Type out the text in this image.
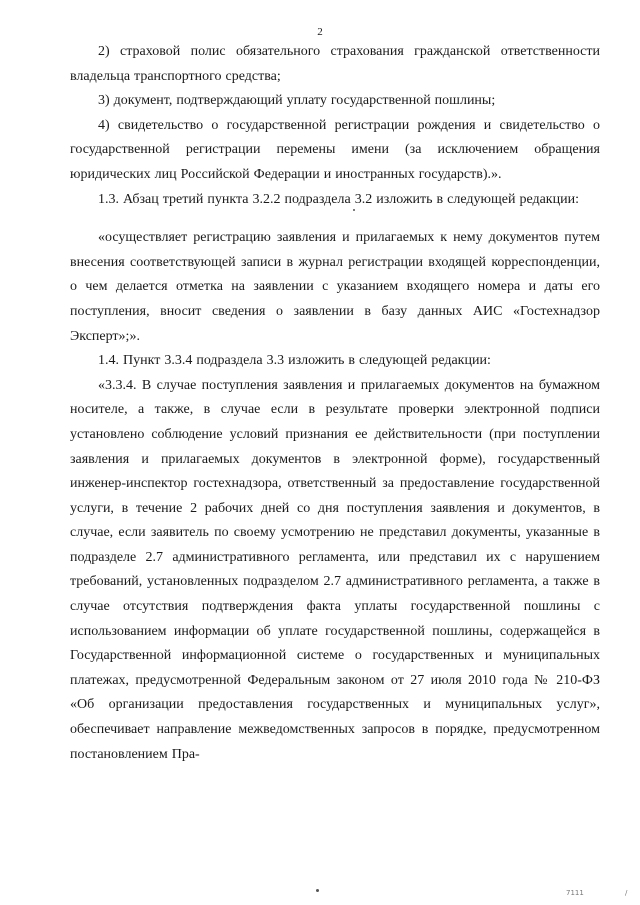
2

2) страховой полис обязательного страхования гражданской ответственности владельца транспортного средства;

3) документ, подтверждающий уплату государственной пошлины;

4) свидетельство о государственной регистрации рождения и свидетельство о государственной регистрации перемены имени (за исключением обращения юридических лиц Российской Федерации и иностранных государств).».

1.3. Абзац третий пункта 3.2.2 подраздела 3.2 изложить в следующей редакции:

«осуществляет регистрацию заявления и прилагаемых к нему документов путем внесения соответствующей записи в журнал регистрации входящей корреспонденции, о чем делается отметка на заявлении с указанием входящего номера и даты его поступления, вносит сведения о заявлении в базу данных АИС «Гостехнадзор Эксперт»;».

1.4. Пункт 3.3.4 подраздела 3.3 изложить в следующей редакции:

«3.3.4. В случае поступления заявления и прилагаемых документов на бумажном носителе, а также, в случае если в результате проверки электронной подписи установлено соблюдение условий признания ее действительности (при поступлении заявления и прилагаемых документов в электронной форме), государственный инженер-инспектор гостехнадзора, ответственный за предоставление государственной услуги, в течение 2 рабочих дней со дня поступления заявления и документов, в случае, если заявитель по своему усмотрению не представил документы, указанные в подразделе 2.7 административного регламента, или представил их с нарушением требований, установленных подразделом 2.7 административного регламента, а также в случае отсутствия подтверждения факта уплаты государственной пошлины с использованием информации об уплате государственной пошлины, содержащейся в Государственной информационной системе о государственных и муниципальных платежах, предусмотренной Федеральным законом от 27 июля 2010 года № 210-ФЗ «Об организации предоставления государственных и муниципальных услуг», обеспечивает направление межведомственных запросов в порядке, предусмотренном постановлением Пра-

7111	/
